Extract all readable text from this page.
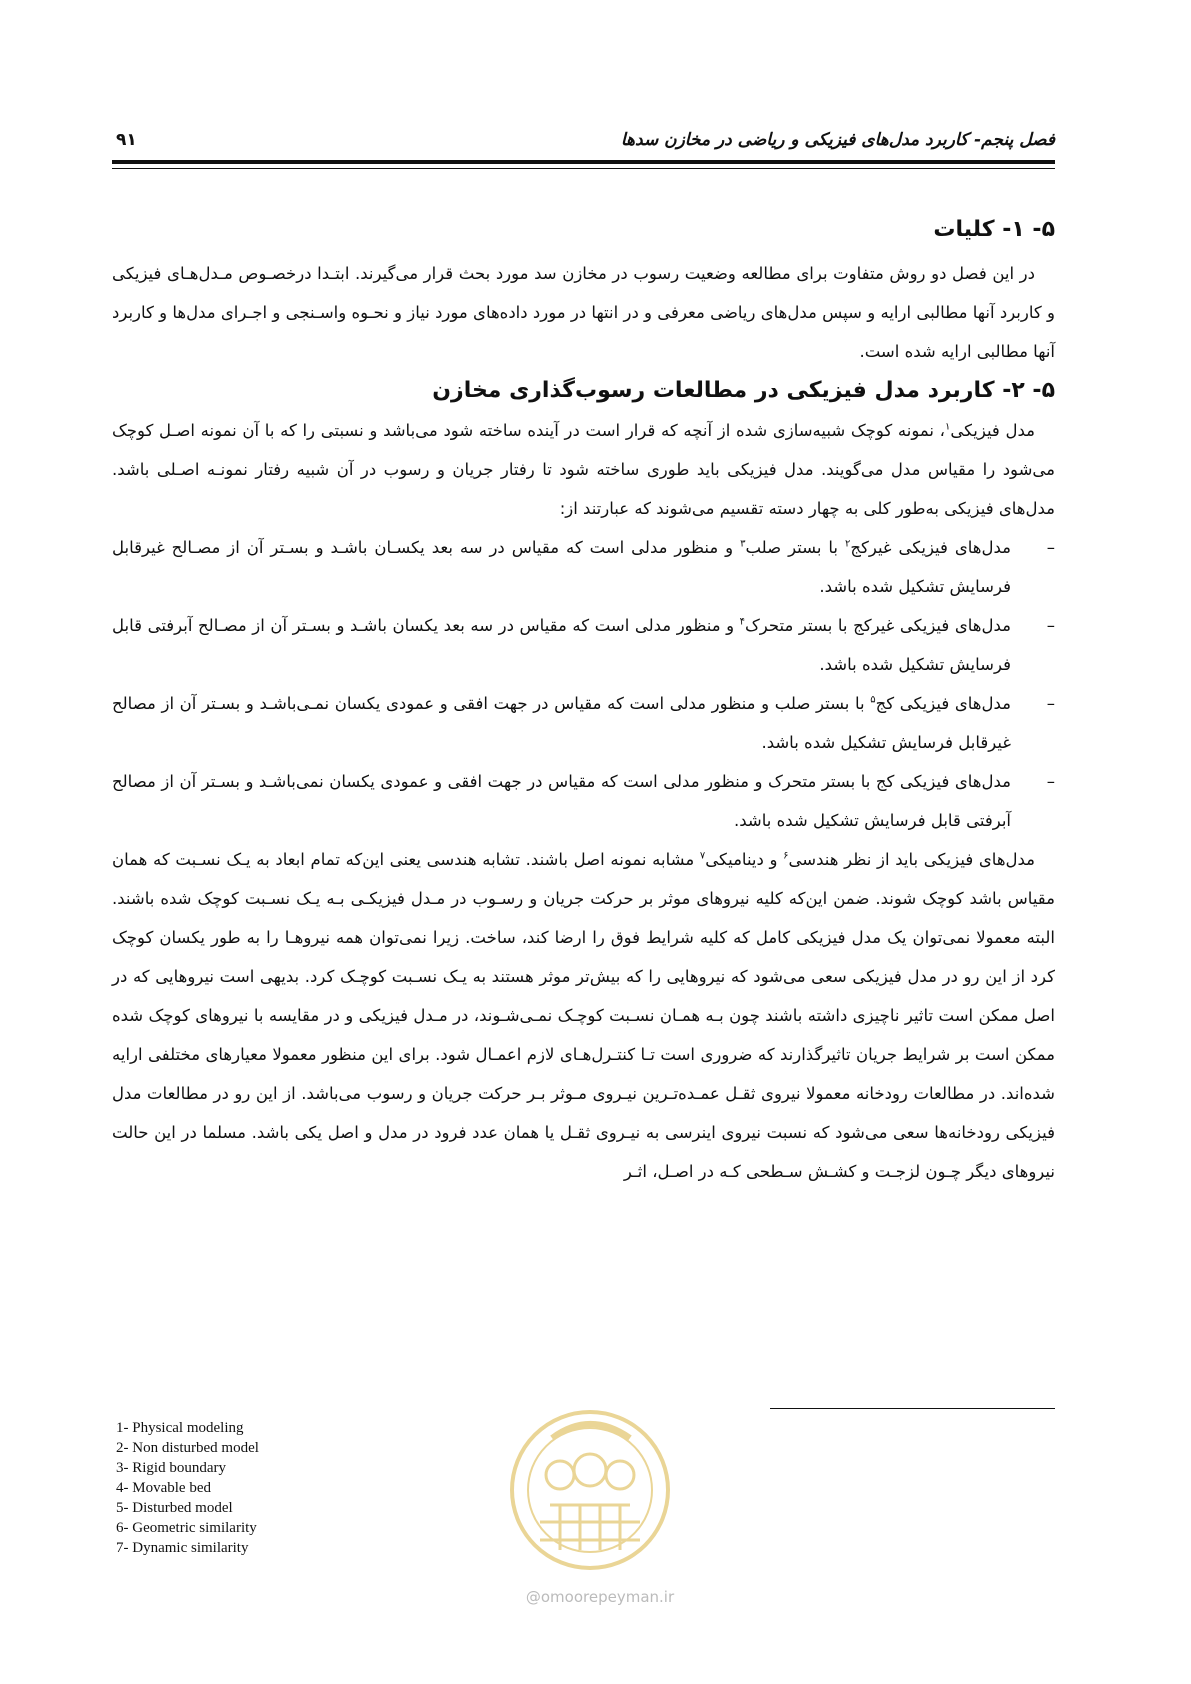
فصل پنجم- کاربرد مدل‌های فیزیکی و ریاضی در مخازن سدها
۹۱
۵- ۱- کلیات

در این فصل دو روش متفاوت برای مطالعه وضعیت رسوب در مخازن سد مورد بحث قرار می‌گیرند. ابتـدا درخصـوص مـدل‌هـای فیزیکی و کاربرد آنها مطالبی ارایه و سپس مدل‌های ریاضی معرفی و در انتها در مورد داده‌های مورد نیاز و نحـوه واسـنجی و اجـرای مدل‌ها و کاربرد آنها مطالبی ارایه شده است.

۵- ۲- کاربرد مدل فیزیکی در مطالعات رسوب‌گذاری مخازن

مدل فیزیکی$^۱$، نمونه کوچک شبیه‌سازی شده از آنچه که قرار است در آینده ساخته شود می‌باشد و نسبتی را که با آن نمونه اصـل کوچک می‌شود را مقیاس مدل می‌گویند. مدل فیزیکی باید طوری ساخته شود تا رفتار جریان و رسوب در آن شبیه رفتار نمونـه اصـلی باشد. مدل‌های فیزیکی به‌طور کلی به چهار دسته تقسیم می‌شوند که عبارتند از:

–
مدل‌های فیزیکی غیرکج$^۲$ با بستر صلب$^۳$ و منظور مدلی است که مقیاس در سه بعد یکسـان باشـد و بسـتر آن از مصـالح غیرقابل فرسایش تشکیل شده باشد.
–
مدل‌های فیزیکی غیرکج با بستر متحرک$^۴$ و منظور مدلی است که مقیاس در سه بعد یکسان باشـد و بسـتر آن از مصـالح آبرفتی قابل فرسایش تشکیل شده باشد.
–
مدل‌های فیزیکی کج$^۵$ با بستر صلب و منظور مدلی است که مقیاس در جهت افقی و عمودی یکسان نمـی‌باشـد و بسـتر آن از مصالح غیرقابل فرسایش تشکیل شده باشد.
–
مدل‌های فیزیکی کج با بستر متحرک و منظور مدلی است که مقیاس در جهت افقی و عمودی یکسان نمی‌باشـد و بسـتر آن از مصالح آبرفتی قابل فرسایش تشکیل شده باشد.

مدل‌های فیزیکی باید از نظر هندسی$^۶$ و دینامیکی$^۷$ مشابه نمونه اصل باشند. تشابه هندسی یعنی این‌که تمام ابعاد به یـک نسـبت که همان مقیاس باشد کوچک شوند. ضمن این‌که کلیه نیروهای موثر بر حرکت جریان و رسـوب در مـدل فیزیکـی بـه یـک نسـبت کوچک شده باشند. البته معمولا نمی‌توان یک مدل فیزیکی کامل که کلیه شرایط فوق را ارضا کند، ساخت. زیرا نمی‌توان همه نیروهـا را به طور یکسان کوچک کرد از این رو در مدل فیزیکی سعی می‌شود که نیروهایی را که بیش‌تر موثر هستند به یـک نسـبت کوچـک کرد. بدیهی است نیروهایی که در اصل ممکن است تاثیر ناچیزی داشته باشند چون بـه همـان نسـبت کوچـک نمـی‌شـوند، در مـدل فیزیکی و در مقایسه با نیروهای کوچک شده ممکن است بر شرایط جریان تاثیرگذارند که ضروری است تـا کنتـرل‌هـای لازم اعمـال شود. برای این منظور معمولا معیارهای مختلفی ارایه شده‌اند. در مطالعات رودخانه معمولا نیروی ثقـل عمـده‌تـرین نیـروی مـوثر بـر حرکت جریان و رسوب می‌باشد. از این رو در مطالعات مدل فیزیکی رودخانه‌ها سعی می‌شود که نسبت نیروی اینرسی به نیـروی ثقـل یا همان عدد فرود در مدل و اصل یکی باشد. مسلما در این حالت نیروهای دیگر چـون لزجـت و کشـش سـطحی کـه در اصـل، اثـر

1- Physical modeling
2- Non disturbed model
3- Rigid boundary
4- Movable bed
5- Disturbed model
6- Geometric similarity
7- Dynamic similarity
@omoorepeyman.ir
